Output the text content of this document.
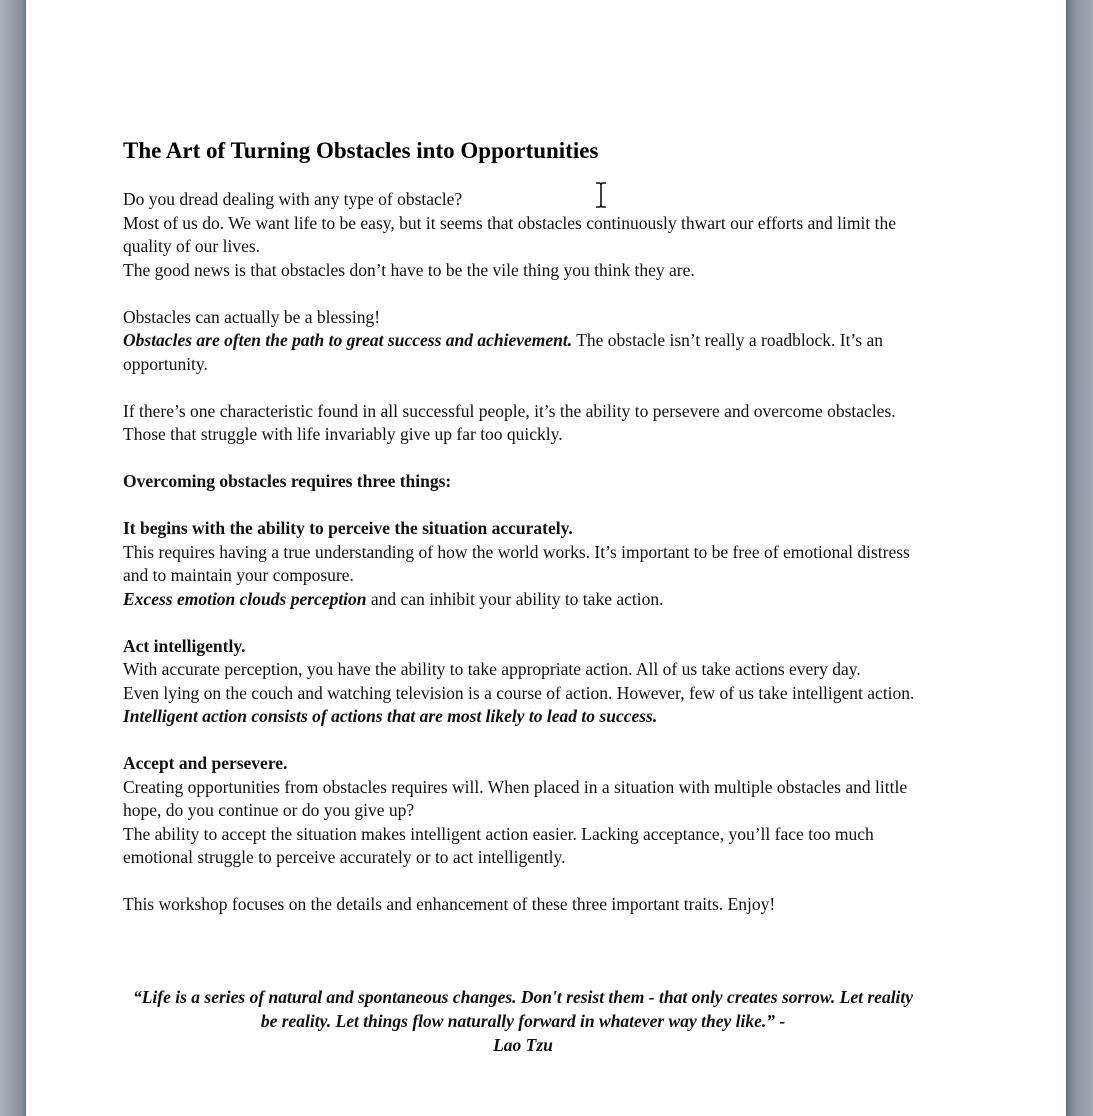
The Art of Turning Obstacles into Opportunities

Do you dread dealing with any type of obstacle?

Most of us do. We want life to be easy, but it seems that obstacles continuously thwart our efforts and limit the quality of our lives.

The good news is that obstacles don’t have to be the vile thing you think they are.

Obstacles can actually be a blessing!

Obstacles are often the path to great success and achievement. The obstacle isn’t really a roadblock. It’s an opportunity.

If there’s one characteristic found in all successful people, it’s the ability to persevere and overcome obstacles. Those that struggle with life invariably give up far too quickly.

Overcoming obstacles requires three things:

It begins with the ability to perceive the situation accurately.

This requires having a true understanding of how the world works. It’s important to be free of emotional distress and to maintain your composure.

Excess emotion clouds perception and can inhibit your ability to take action.

Act intelligently.

With accurate perception, you have the ability to take appropriate action. All of us take actions every day.

Even lying on the couch and watching television is a course of action. However, few of us take intelligent action.

Intelligent action consists of actions that are most likely to lead to success.

Accept and persevere.

Creating opportunities from obstacles requires will. When placed in a situation with multiple obstacles and little hope, do you continue or do you give up?

The ability to accept the situation makes intelligent action easier. Lacking acceptance, you’ll face too much emotional struggle to perceive accurately or to act intelligently.

This workshop focuses on the details and enhancement of these three important traits. Enjoy!

“Life is a series of natural and spontaneous changes. Don't resist them - that only creates sorrow. Let reality be reality. Let things flow naturally forward in whatever way they like.” -
Lao Tzu
